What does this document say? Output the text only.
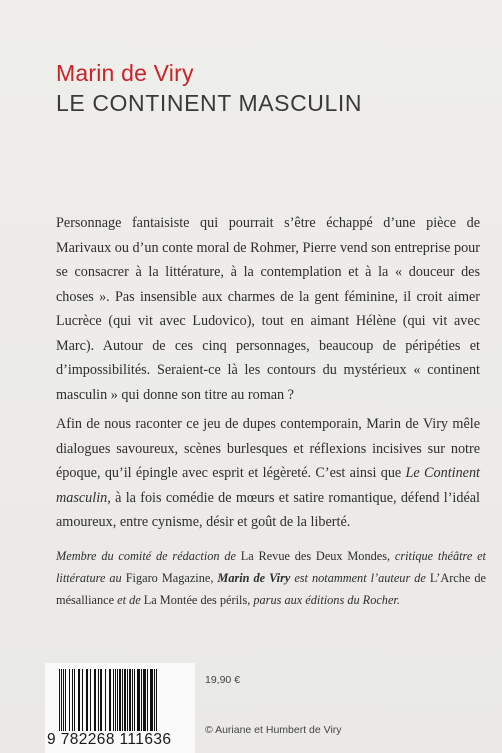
Marin de Viry
LE CONTINENT MASCULIN
Personnage fantaisiste qui pourrait s’être échappé d’une pièce de Marivaux ou d’un conte moral de Rohmer, Pierre vend son entreprise pour se consacrer à la littérature, à la contemplation et à la « douceur des choses ». Pas insensible aux charmes de la gent féminine, il croit aimer Lucrèce (qui vit avec Ludovico), tout en aimant Hélène (qui vit avec Marc). Autour de ces cinq personnages, beaucoup de péripéties et d’impossibilités. Seraient-ce là les contours du mystérieux « continent masculin » qui donne son titre au roman ?
Afin de nous raconter ce jeu de dupes contemporain, Marin de Viry mêle dialogues savoureux, scènes burlesques et réflexions incisives sur notre époque, qu’il épingle avec esprit et légèreté. C’est ainsi que Le Continent masculin, à la fois comédie de mœurs et satire romantique, défend l’idéal amoureux, entre cynisme, désir et goût de la liberté.
Membre du comité de rédaction de La Revue des Deux Mondes, critique théâtre et littérature au Figaro Magazine, Marin de Viry est notamment l’auteur de L’Arche de mésalliance et de La Montée des périls, parus aux éditions du Rocher.
9 782268 111636
19,90 €
© Auriane et Humbert de Viry
